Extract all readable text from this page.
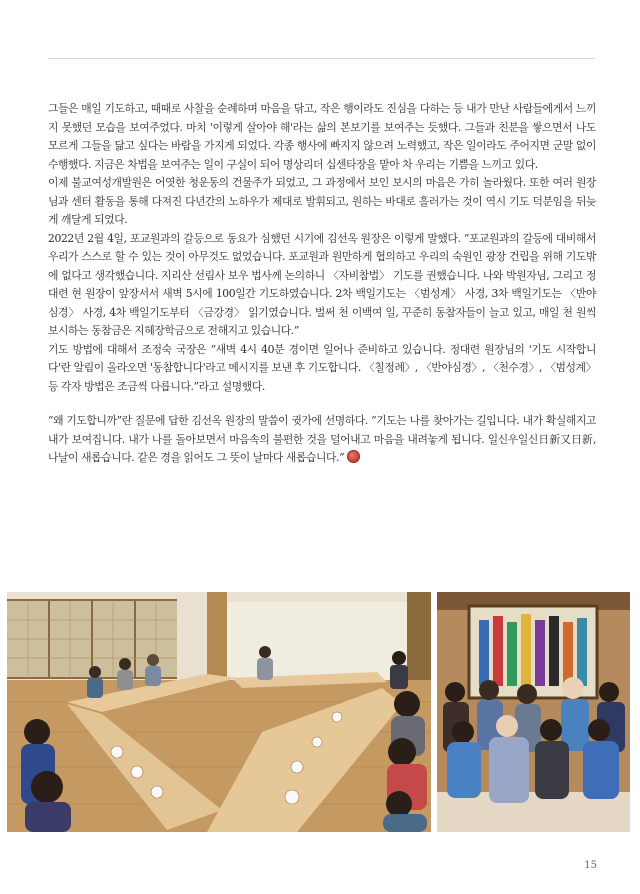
그들은 매일 기도하고, 때때로 사찰을 순례하며 마음을 닦고, 작은 행이라도 진심을 다하는 등 내가 만난 사람들에게서 느끼지 못했던 모습을 보여주었다. 마치 '이렇게 살아야 해'라는 삶의 본보기를 보여주는 듯했다. 그들과 친분을 쌓으면서 나도 모르게 그들을 닮고 싶다는 바람을 가지게 되었다. 각종 행사에 빠지지 않으려 노력했고, 작은 일이라도 주어지면 군말 없이 수행했다. 지금은 차법을 보여주는 일이 구실이 되어 명상리더 십센타장을 맡아 차 우리는 기쁨을 느끼고 있다.

이제 불교여성개발원은 어엿한 청운동의 건물주가 되었고, 그 과정에서 보인 보시의 마음은 가히 놀라웠다. 또한 여러 원장님과 센터 활동을 통해 다져진 다년간의 노하우가 제대로 발휘되고, 원하는 바대로 흘러가는 것이 역시 기도 덕분임을 뒤늦게 깨달게 되었다.

2022년 2월 4일, 포교원과의 갈등으로 동요가 심했던 시기에 김선옥 원장은 이렇게 말했다. “포교원과의 갈등에 대비해서 우리가 스스로 할 수 있는 것이 아무것도 없었습니다. 포교원과 원만하게 협의하고 우리의 숙원인 광장 건립을 위해 기도밖에 없다고 생각했습니다. 지리산 선림사 보우 법사께 논의하니 〈자비참법〉 기도를 권했습니다. 나와 박원자님, 그리고 정대련 현 원장이 앞장서서 새벽 5시에 100일간 기도하였습니다. 2차 백일기도는 〈범성계〉 사경, 3차 백일기도는 〈반야심경〉 사경, 4차 백일기도부터 〈금강경〉 읽기였습니다. 벌써 천 이백여 일, 꾸준히 동참자들이 늘고 있고, 매일 천 원씩 보시하는 동참금은 지혜장학금으로 전해지고 있습니다.”

기도 방법에 대해서 조정숙 국장은 “새벽 4시 40분 경이면 일어나 준비하고 있습니다. 정대련 원장님의 '기도 시작합니다'란 알림이 올라오면 '동참합니다'라고 메시지를 보낸 후 기도합니다. 〈칠정례〉, 〈반야심경〉, 〈천수경〉, 〈범성계〉 등 각자 방법은 조금씩 다릅니다.”라고 설명했다.

“왜 기도합니까”란 질문에 답한 김선옥 원장의 말씀이 귓가에 선명하다. “기도는 나를 찾아가는 길입니다. 내가 확실해지고 내가 보여집니다. 내가 나를 돌아보면서 마음속의 불편한 것을 덜어내고 마음을 내려놓게 됩니다. 일신우일신日新又日新, 나날이 새롭습니다. 같은 경을 읽어도 그 뜻이 날마다 새롭습니다.”

15
